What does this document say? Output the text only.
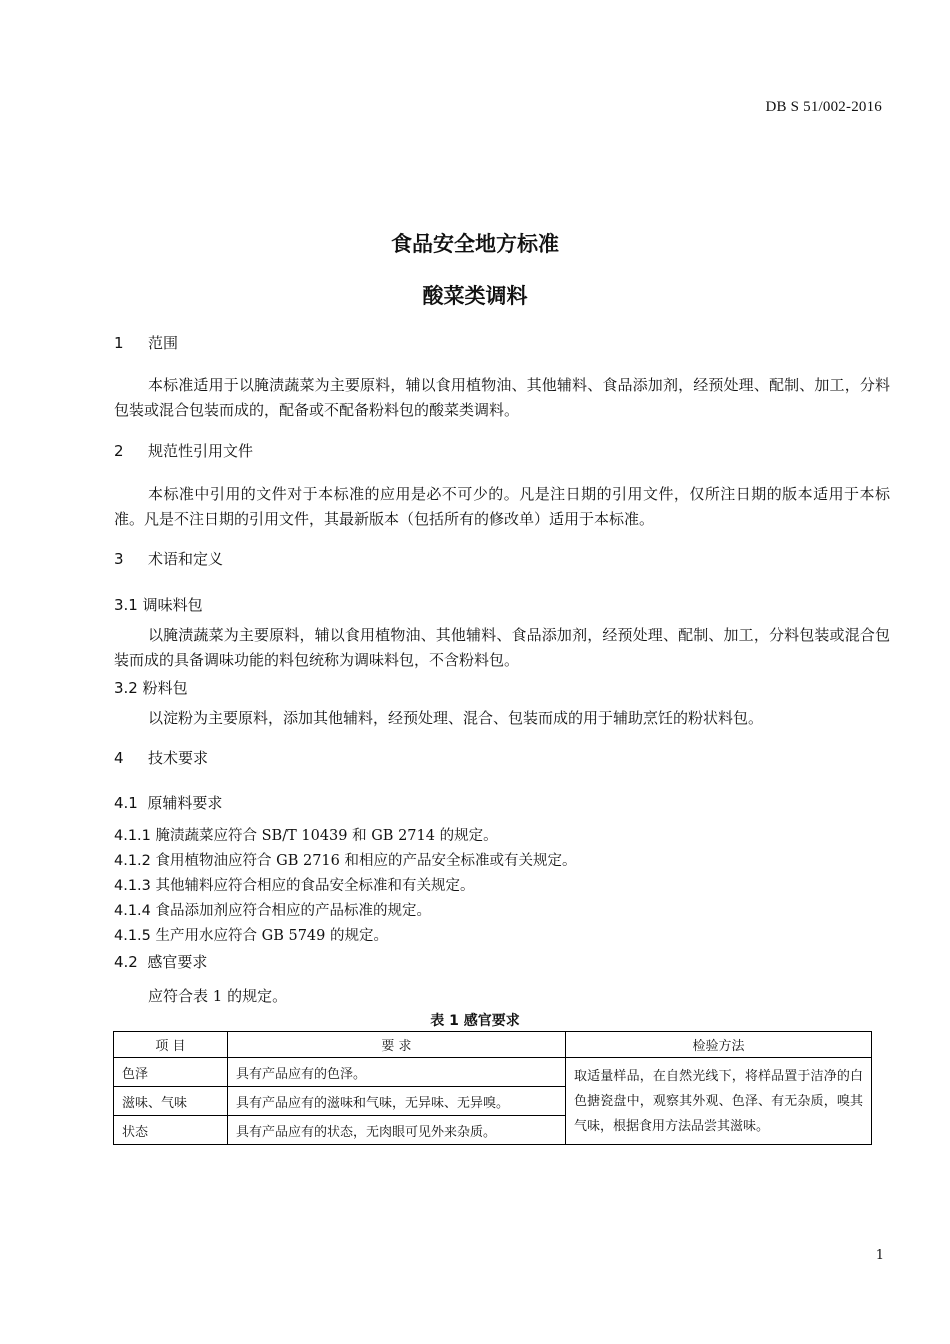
DB S 51/002-2016
食品安全地方标准
酸菜类调料
1 范围
本标准适用于以腌渍蔬菜为主要原料，辅以食用植物油、其他辅料、食品添加剂，经预处理、配制、加工，分料包装或混合包装而成的，配备或不配备粉料包的酸菜类调料。
2 规范性引用文件
本标准中引用的文件对于本标准的应用是必不可少的。凡是注日期的引用文件，仅所注日期的版本适用于本标准。凡是不注日期的引用文件，其最新版本（包括所有的修改单）适用于本标准。
3 术语和定义
3.1 调味料包
以腌渍蔬菜为主要原料，辅以食用植物油、其他辅料、食品添加剂，经预处理、配制、加工，分料包装或混合包装而成的具备调味功能的料包统称为调味料包，不含粉料包。
3.2 粉料包
以淀粉为主要原料，添加其他辅料，经预处理、混合、包装而成的用于辅助烹饪的粉状料包。
4 技术要求
4.1 原辅料要求
4.1.1 腌渍蔬菜应符合 SB/T 10439 和 GB 2714 的规定。
4.1.2 食用植物油应符合 GB 2716 和相应的产品安全标准或有关规定。
4.1.3 其他辅料应符合相应的食品安全标准和有关规定。
4.1.4 食品添加剂应符合相应的产品标准的规定。
4.1.5 生产用水应符合 GB 5749 的规定。
4.2 感官要求
应符合表 1 的规定。
表 1 感官要求
项 目	要 求	检验方法
色泽	具有产品应有的色泽。	取适量样品，在自然光线下，将样品置于洁净的白色搪瓷盘中，观察其外观、色泽、有无杂质，嗅其气味，根据食用方法品尝其滋味。
滋味、气味	具有产品应有的滋味和气味，无异味、无异嗅。	
状态	具有产品应有的状态，无肉眼可见外来杂质。	
1
